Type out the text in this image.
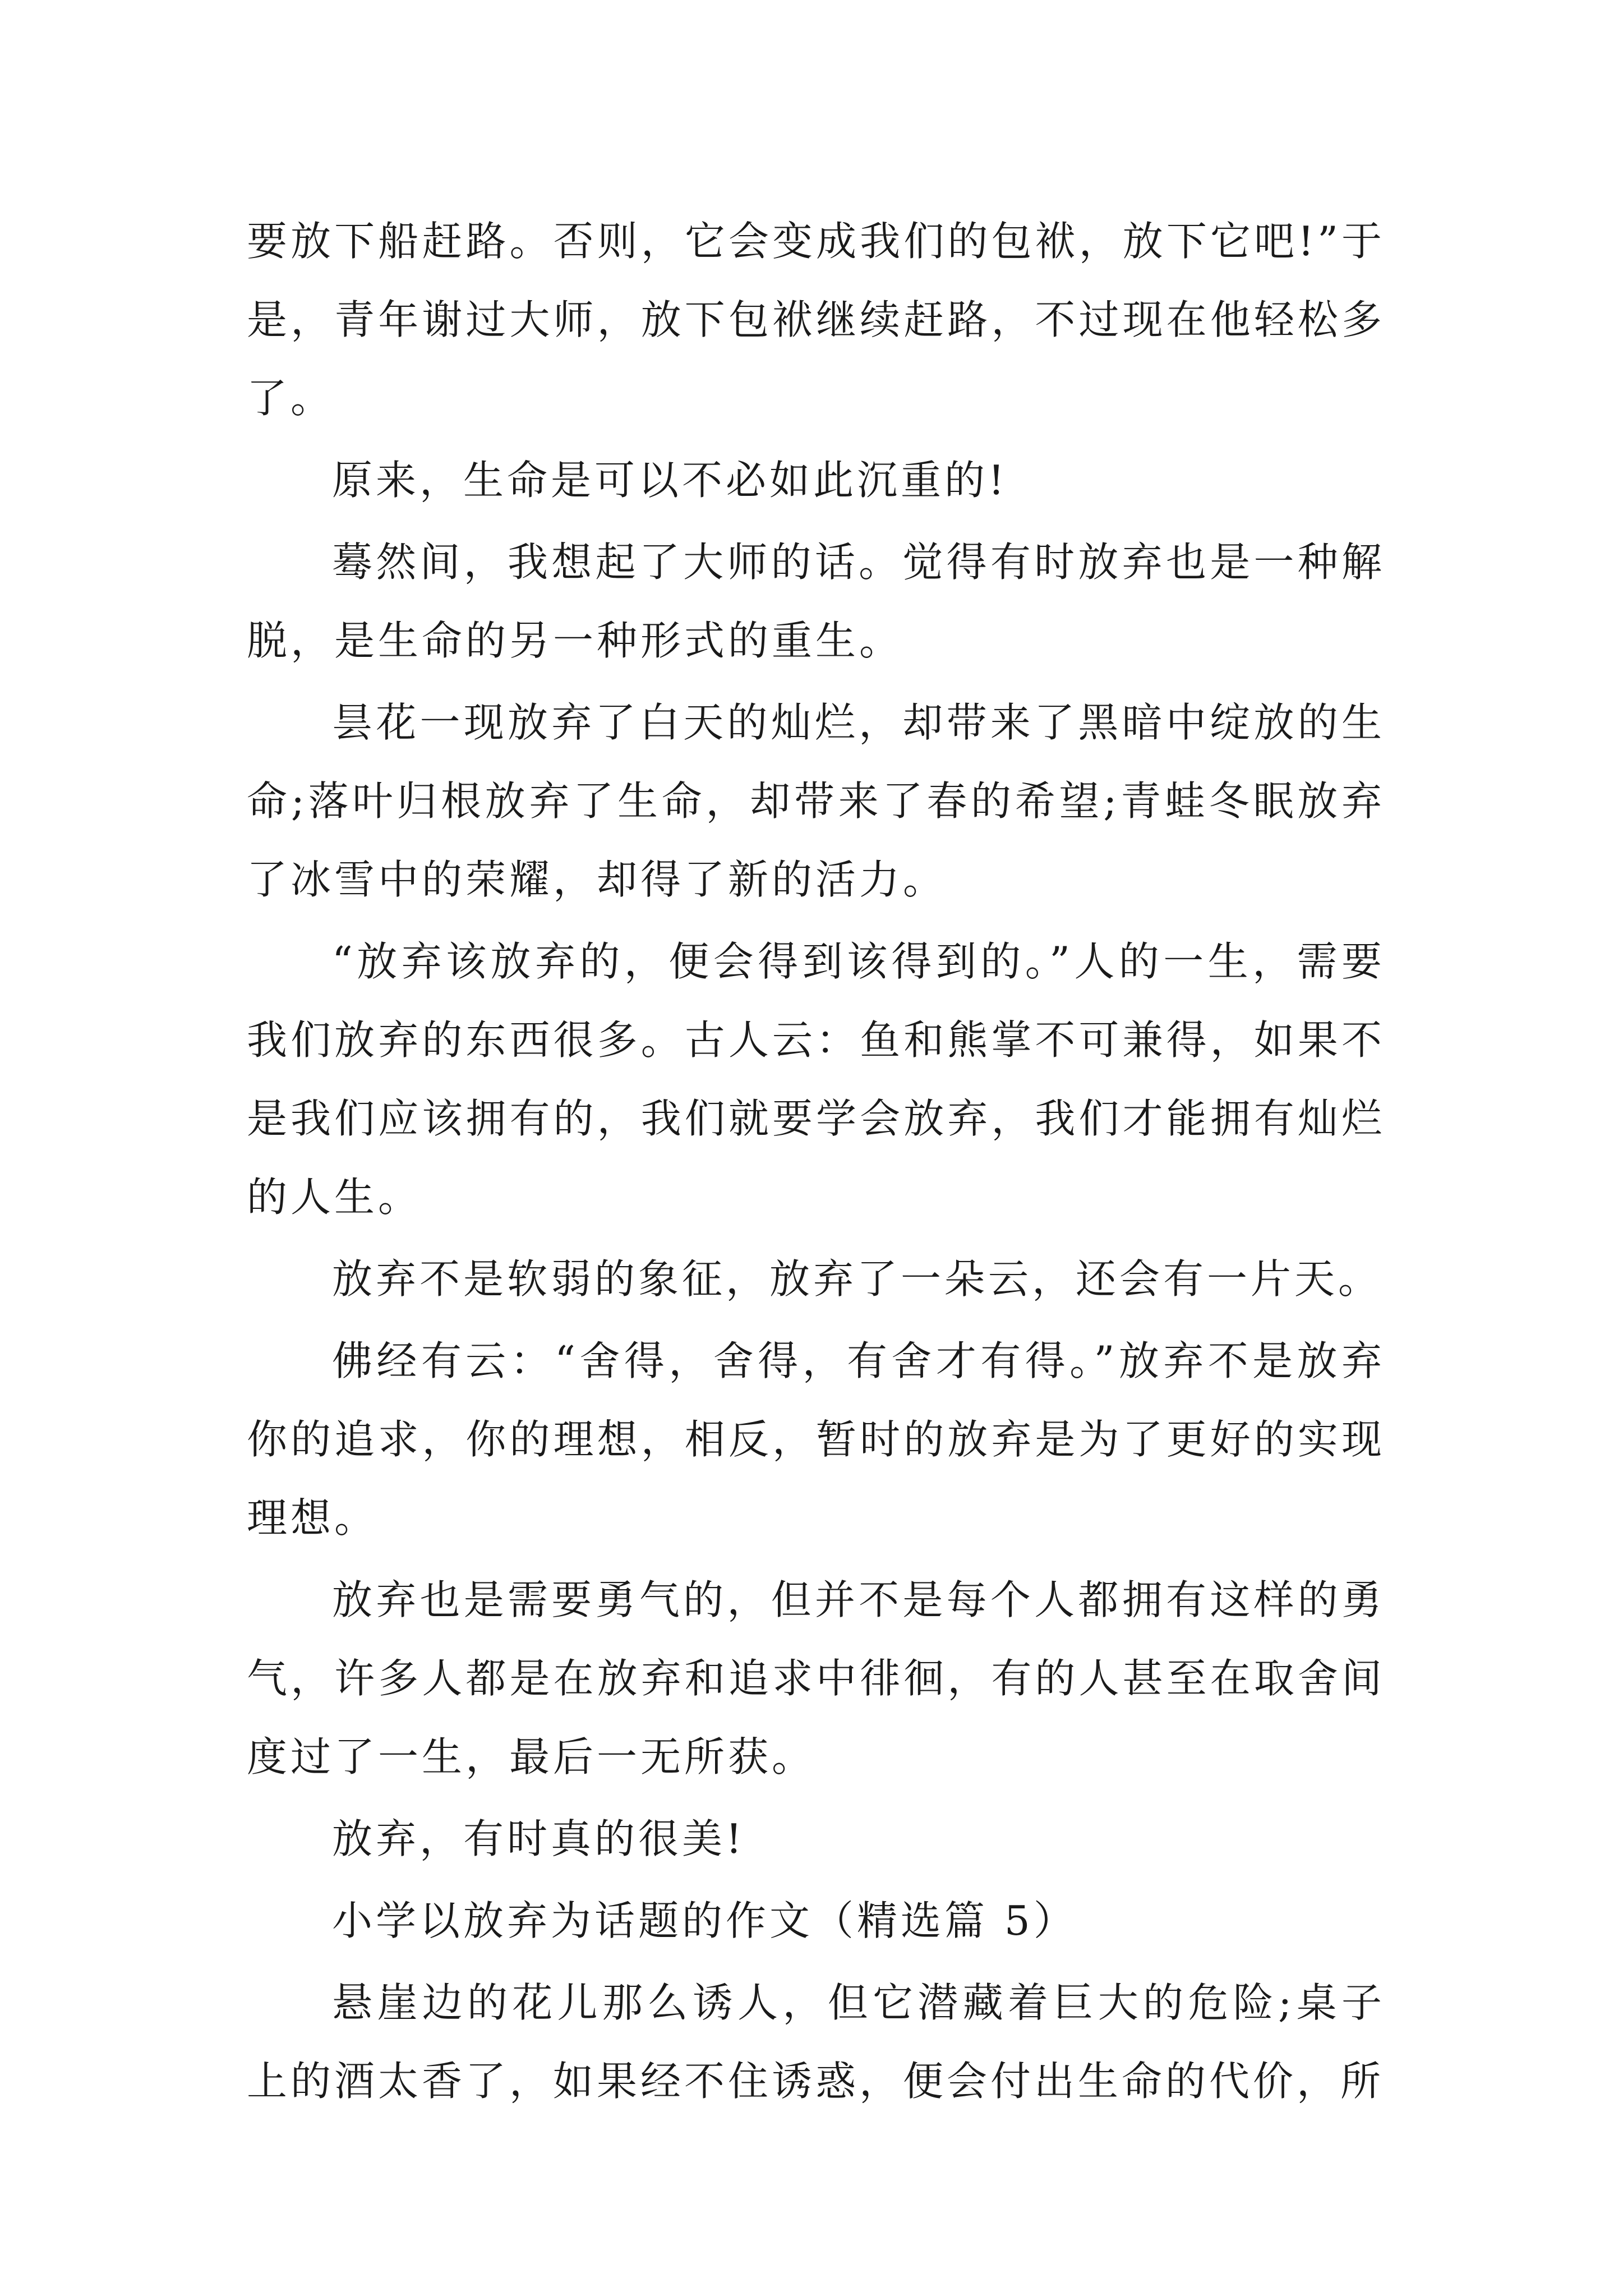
要放下船赶路。否则，它会变成我们的包袱，放下它吧!”于是，青年谢过大师，放下包袱继续赶路，不过现在他轻松多了。

原来，生命是可以不必如此沉重的!

蓦然间，我想起了大师的话。觉得有时放弃也是一种解脱，是生命的另一种形式的重生。

昙花一现放弃了白天的灿烂，却带来了黑暗中绽放的生命;落叶归根放弃了生命，却带来了春的希望;青蛙冬眠放弃了冰雪中的荣耀，却得了新的活力。

“放弃该放弃的，便会得到该得到的。”人的一生，需要我们放弃的东西很多。古人云：鱼和熊掌不可兼得，如果不是我们应该拥有的，我们就要学会放弃，我们才能拥有灿烂的人生。

放弃不是软弱的象征，放弃了一朵云，还会有一片天。

佛经有云：“舍得，舍得，有舍才有得。”放弃不是放弃你的追求，你的理想，相反，暂时的放弃是为了更好的实现理想。

放弃也是需要勇气的，但并不是每个人都拥有这样的勇气，许多人都是在放弃和追求中徘徊，有的人甚至在取舍间度过了一生，最后一无所获。

放弃，有时真的很美!

小学以放弃为话题的作文（精选篇 5）

悬崖边的花儿那么诱人，但它潜藏着巨大的危险;桌子上的酒太香了，如果经不住诱惑，便会付出生命的代价，所
